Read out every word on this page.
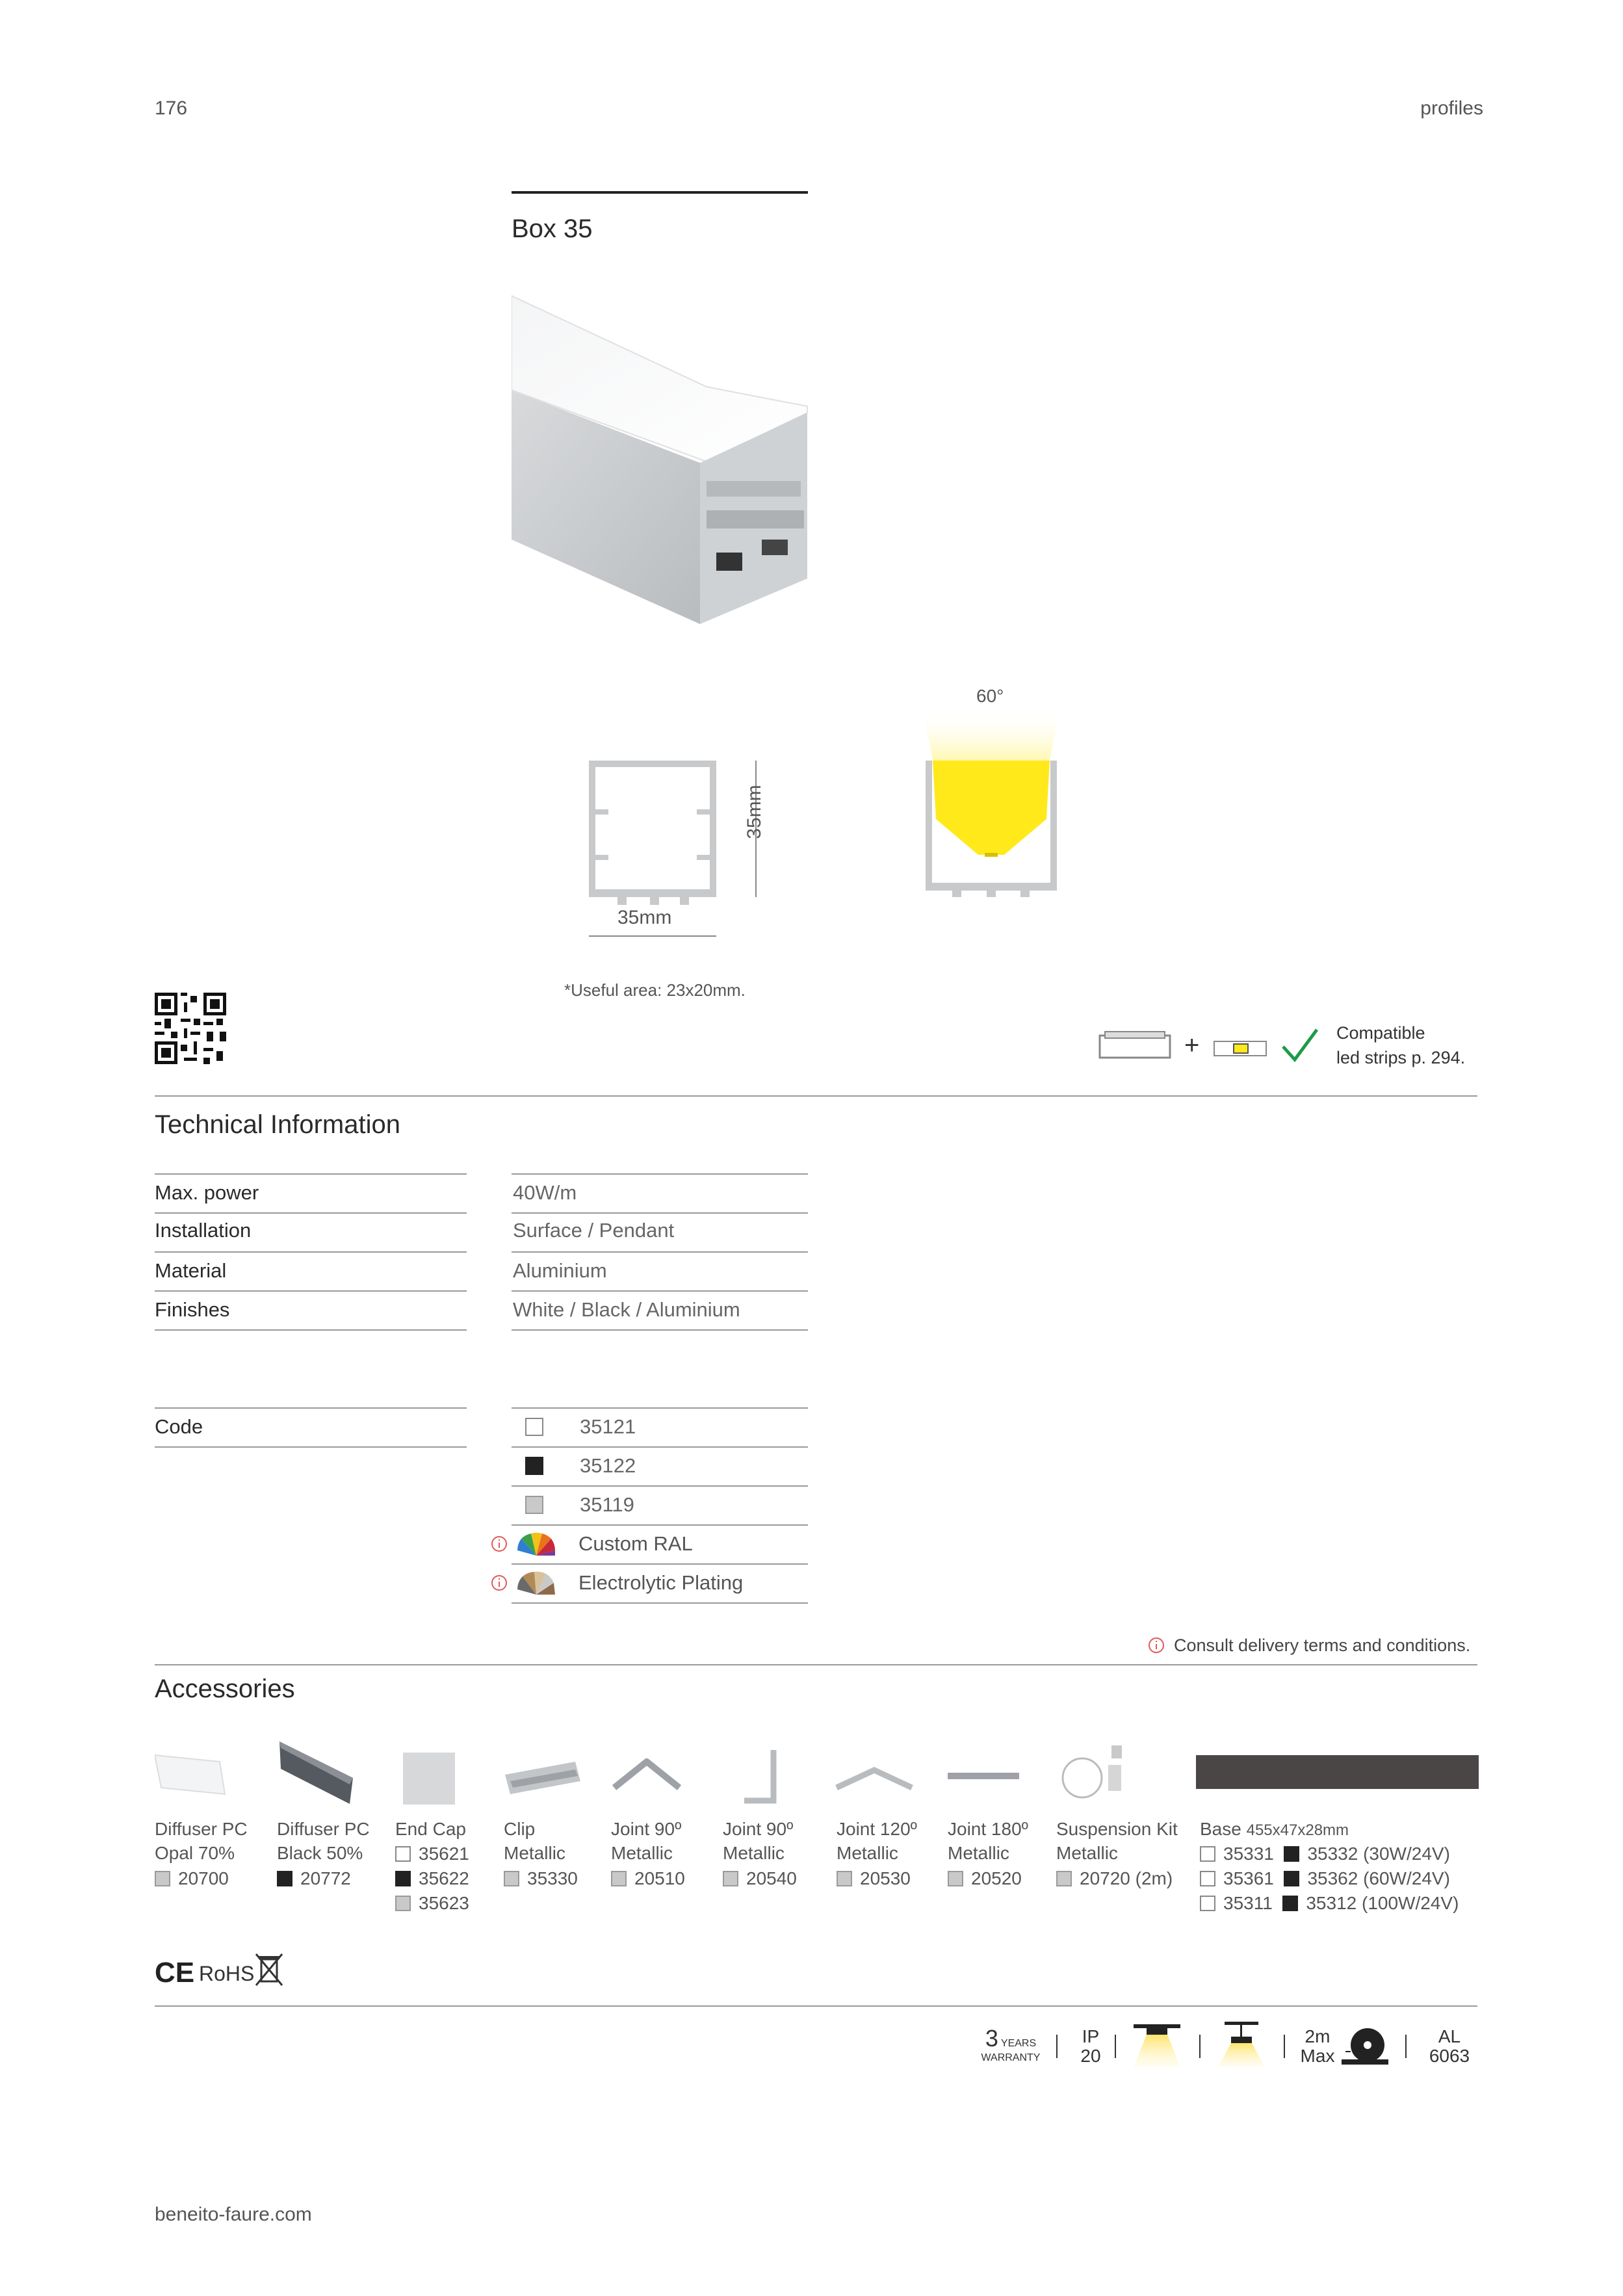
176	profiles
Box 35
35mm
35mm
60°
*Useful area: 23x20mm.
+	Compatible
led strips p. 294.
Technical Information
Max. power	40W/m
Installation	Surface / Pendant
Material	Aluminium
Finishes	White / Black / Aluminium
Code	35121
35122
35119
Custom RAL
Electrolytic Plating
Consult delivery terms and conditions.
Accessories
Diffuser PC
Opal 70%
20700
Diffuser PC
Black 50%
20772
End Cap
35621
35622
35623
Clip
Metallic
35330
Joint 90º
Metallic
20510
Joint 90º
Metallic
20540
Joint 120º
Metallic
20530
Joint 180º
Metallic
20520
Suspension Kit
Metallic
20720 (2m)
Base 455x47x28mm
35331 35332 (30W/24V)
35361 35362 (60W/24V)
35311 35312 (100W/24V)
CE RoHS
3 YEARS
WARRANTY
IP
20
2m
Max
AL
6063
beneito-faure.com
